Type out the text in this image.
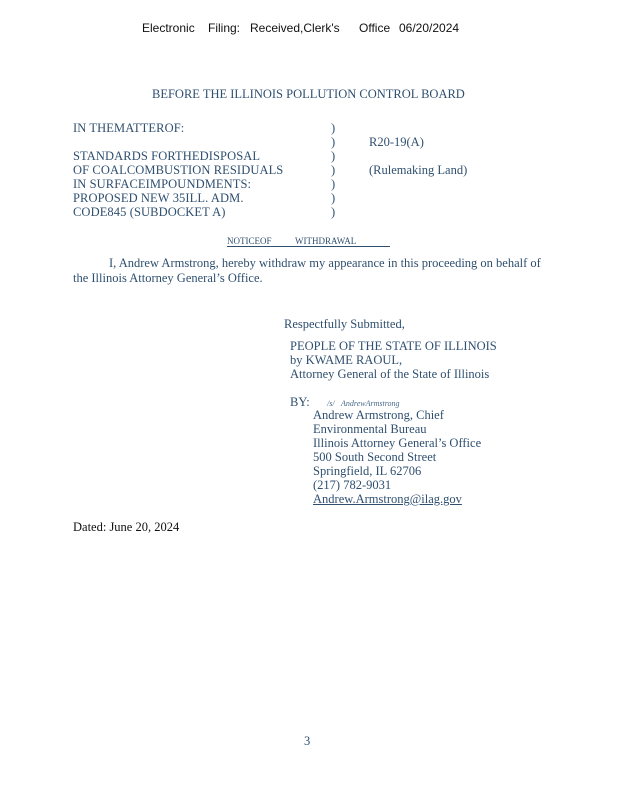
Electronic Filing: Received,Clerk's Office 06/20/2024
BEFORE THE ILLINOIS POLLUTION CONTROL BOARD
IN THEMATTEROF:
STANDARDS FORTHEDISPOSAL
OF COALCOMBUSTION RESIDUALS
IN SURFACEIMPOUNDMENTS:
PROPOSED NEW 35ILL. ADM.
CODE845 (SUBDOCKET A)
)
)
)
)
)
)
)
R20-19(A)
(Rulemaking Land)
NOTICEOF	WITHDRAWAL
I, Andrew Armstrong, hereby withdraw my appearance in this proceeding on behalf of
the Illinois Attorney General’s Office.
Respectfully Submitted,
PEOPLE OF THE STATE OF ILLINOIS
by KWAME RAOUL,
Attorney General of the State of Illinois
BY: /s/ AndrewArmstrong
Andrew Armstrong, Chief
Environmental Bureau
Illinois Attorney General’s Office
500 South Second Street
Springfield, IL 62706
(217) 782-9031
Andrew.Armstrong@ilag.gov
Dated: June 20, 2024
3
